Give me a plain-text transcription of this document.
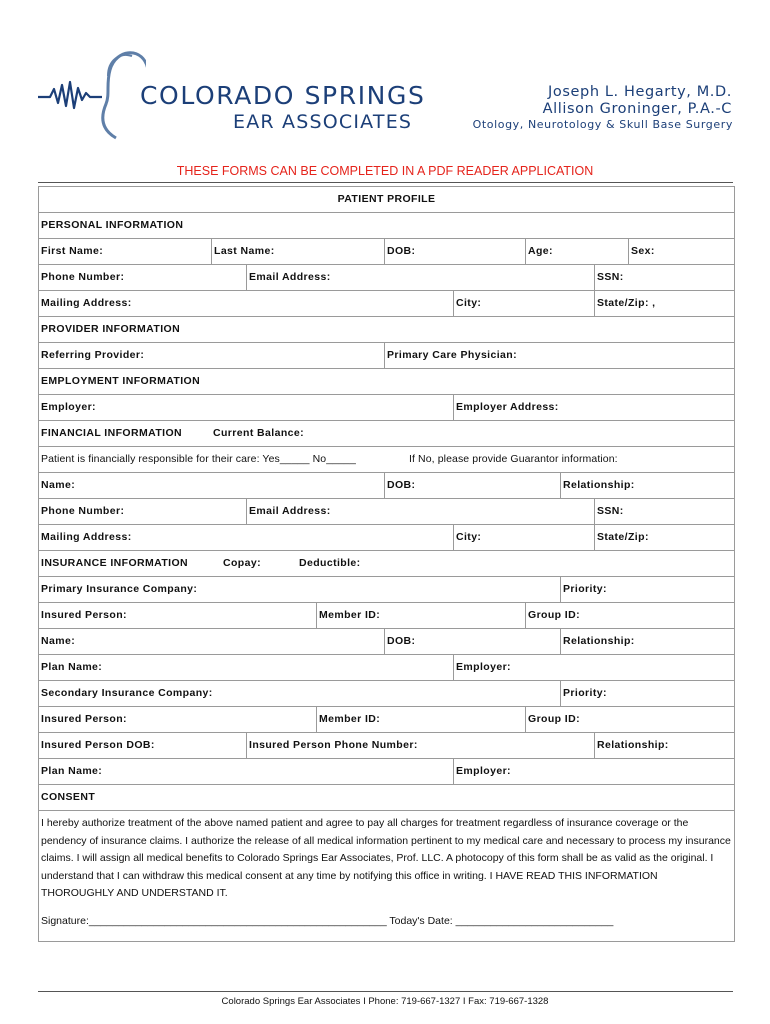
COLORADO SPRINGS
EAR ASSOCIATES
Joseph L. Hegarty, M.D.
Allison Groninger, P.A.-C
Otology, Neurotology & Skull Base Surgery
THESE FORMS CAN BE COMPLETED IN A PDF READER APPLICATION
PATIENT PROFILE
PERSONAL INFORMATION
First Name:	Last Name:	DOB:	Age:	Sex:
Phone Number:	Email Address:	SSN:
Mailing Address:	City:	State/Zip: ,
PROVIDER INFORMATION
Referring Provider:	Primary Care Physician:
EMPLOYMENT INFORMATION
Employer:	Employer Address:
FINANCIAL INFORMATION	Current Balance:
Patient is financially responsible for their care: Yes_____ No_____	If No, please provide Guarantor information:
Name:	DOB:	Relationship:
Phone Number:	Email Address:	SSN:
Mailing Address:	City:	State/Zip:
INSURANCE INFORMATION	Copay:	Deductible:
Primary Insurance Company:	Priority:
Insured Person:	Member ID:	Group ID:
Name:	DOB:	Relationship:
Plan Name:	Employer:
Secondary Insurance Company:	Priority:
Insured Person:	Member ID:	Group ID:
Insured Person DOB:	Insured Person Phone Number:	Relationship:
Plan Name:	Employer:
CONSENT
I hereby authorize treatment of the above named patient and agree to pay all charges for treatment regardless of insurance coverage or the pendency of insurance claims. I authorize the release of all medical information pertinent to my medical care and necessary to process my insurance claims. I will assign all medical benefits to Colorado Springs Ear Associates, Prof. LLC. A photocopy of this form shall be as valid as the original. I understand that I can withdraw this medical consent at any time by notifying this office in writing. I HAVE READ THIS INFORMATION THOROUGHLY AND UNDERSTAND IT.
Signature:___________________________________________________ Today's Date: ___________________________
Colorado Springs Ear Associates I Phone: 719-667-1327 I Fax: 719-667-1328
